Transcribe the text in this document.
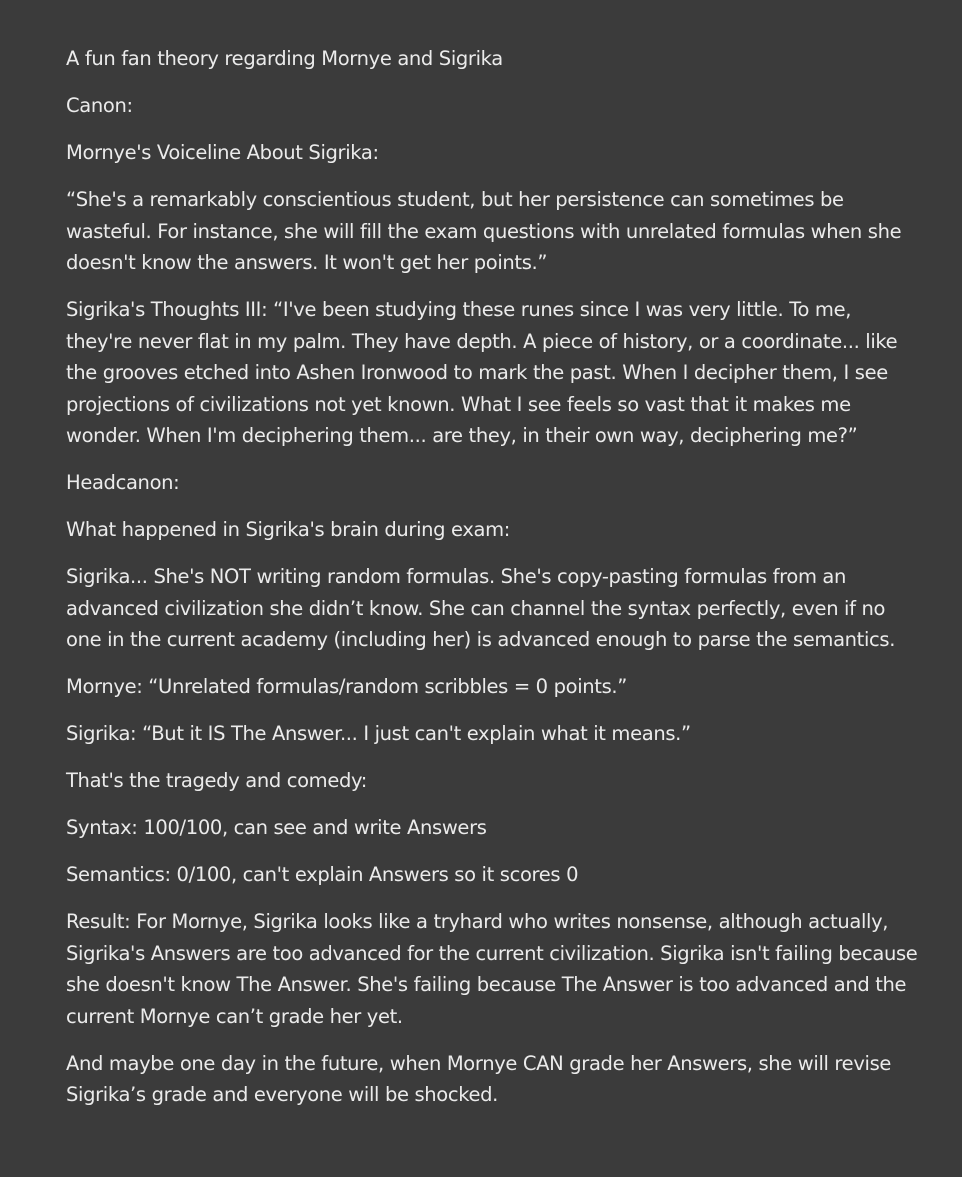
A fun fan theory regarding Mornye and Sigrika

Canon:

Mornye's Voiceline About Sigrika:

“She's a remarkably conscientious student, but her persistence can sometimes be wasteful. For instance, she will fill the exam questions with unrelated formulas when she doesn't know the answers. It won't get her points.”

Sigrika's Thoughts III: “I've been studying these runes since I was very little. To me, they're never flat in my palm. They have depth. A piece of history, or a coordinate... like the grooves etched into Ashen Ironwood to mark the past. When I decipher them, I see projections of civilizations not yet known. What I see feels so vast that it makes me wonder. When I'm deciphering them... are they, in their own way, deciphering me?”

Headcanon:

What happened in Sigrika's brain during exam:

Sigrika... She's NOT writing random formulas. She's copy-pasting formulas from an advanced civilization she didn’t know. She can channel the syntax perfectly, even if no one in the current academy (including her) is advanced enough to parse the semantics.

Mornye: “Unrelated formulas/random scribbles = 0 points.”

Sigrika: “But it IS The Answer... I just can't explain what it means.”

That's the tragedy and comedy:

Syntax: 100/100, can see and write Answers

Semantics: 0/100, can't explain Answers so it scores 0

Result: For Mornye, Sigrika looks like a tryhard who writes nonsense, although actually, Sigrika's Answers are too advanced for the current civilization. Sigrika isn't failing because she doesn't know The Answer. She's failing because The Answer is too advanced and the current Mornye can’t grade her yet.

And maybe one day in the future, when Mornye CAN grade her Answers, she will revise Sigrika’s grade and everyone will be shocked.
